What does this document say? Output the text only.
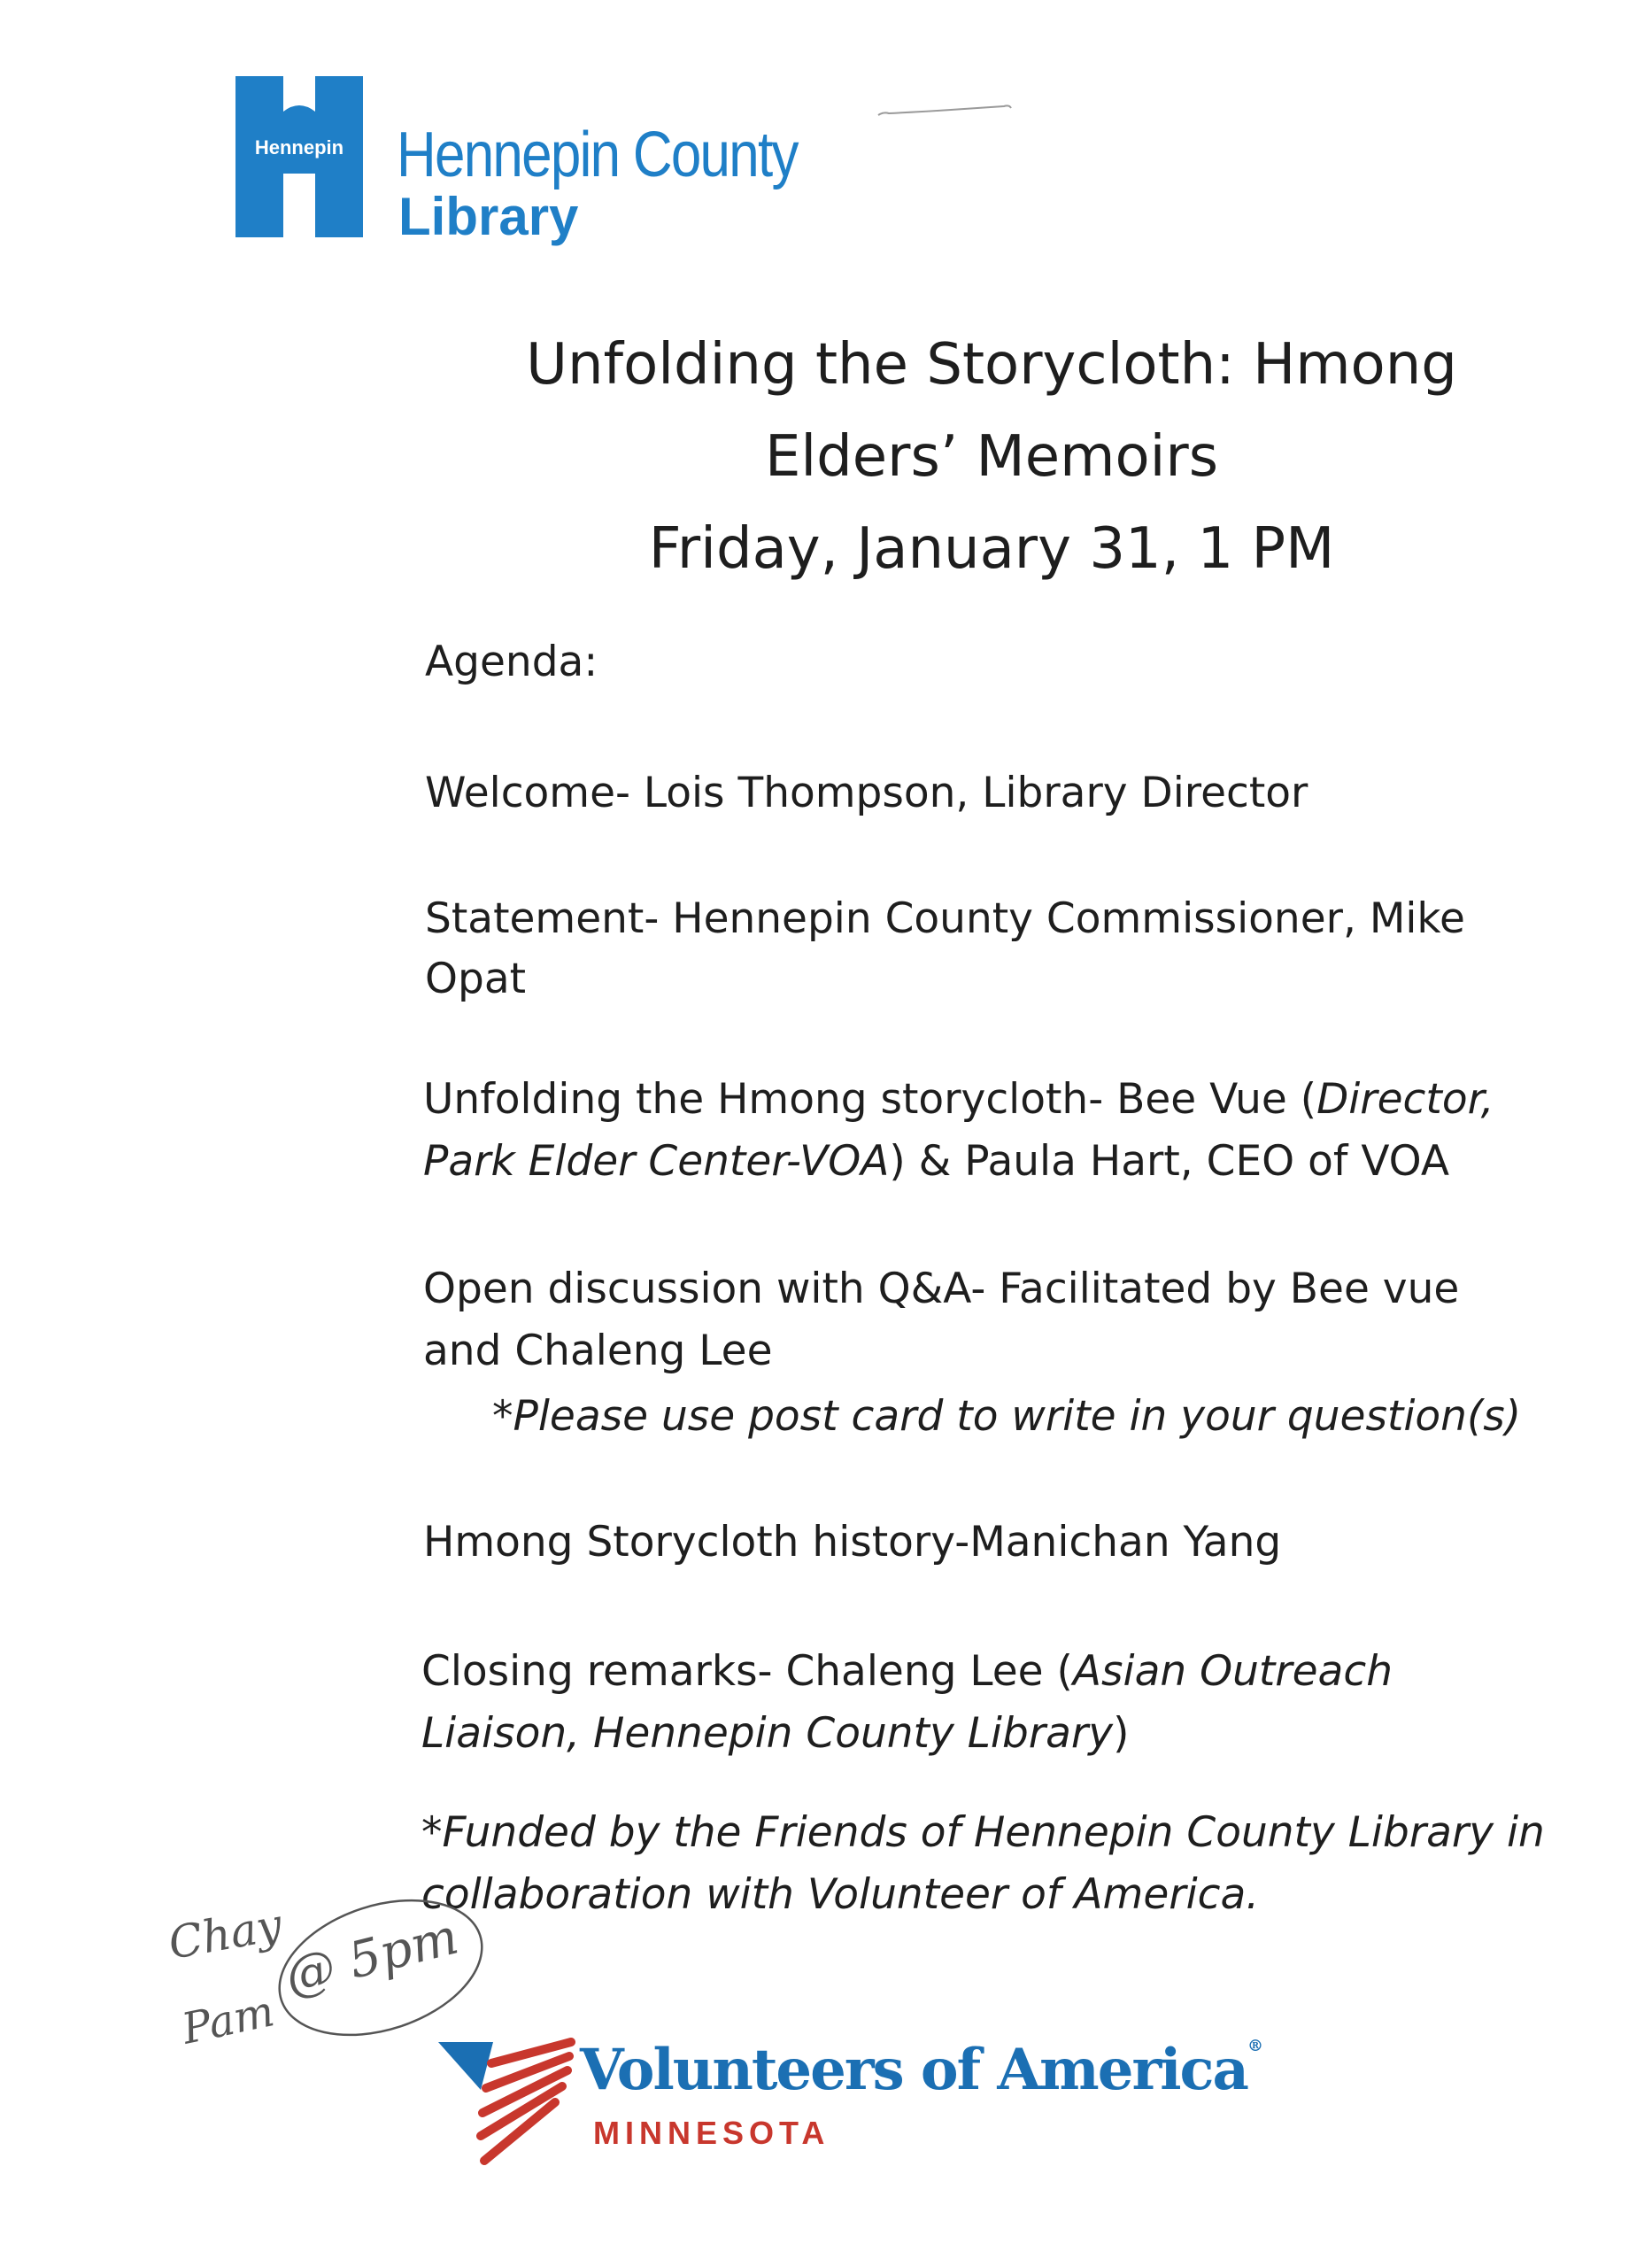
Hennepin Hennepin County
Library
Unfolding the Storycloth: Hmong
Elders’ Memoirs
Friday, January 31, 1 PM
Agenda:
Welcome- Lois Thompson, Library Director
Statement- Hennepin County Commissioner, Mike
Opat
Unfolding the Hmong storycloth- Bee Vue (Director,
Park Elder Center-VOA) & Paula Hart, CEO of VOA
Open discussion with Q&A- Facilitated by Bee vue
and Chaleng Lee
*Please use post card to write in your question(s)
Hmong Storycloth history-Manichan Yang
Closing remarks- Chaleng Lee (Asian Outreach
Liaison, Hennepin County Library)
*Funded by the Friends of Hennepin County Library in
collaboration with Volunteer of America.
Chay
Pam
@ 5pm
Volunteers of America®
MINNESOTA
